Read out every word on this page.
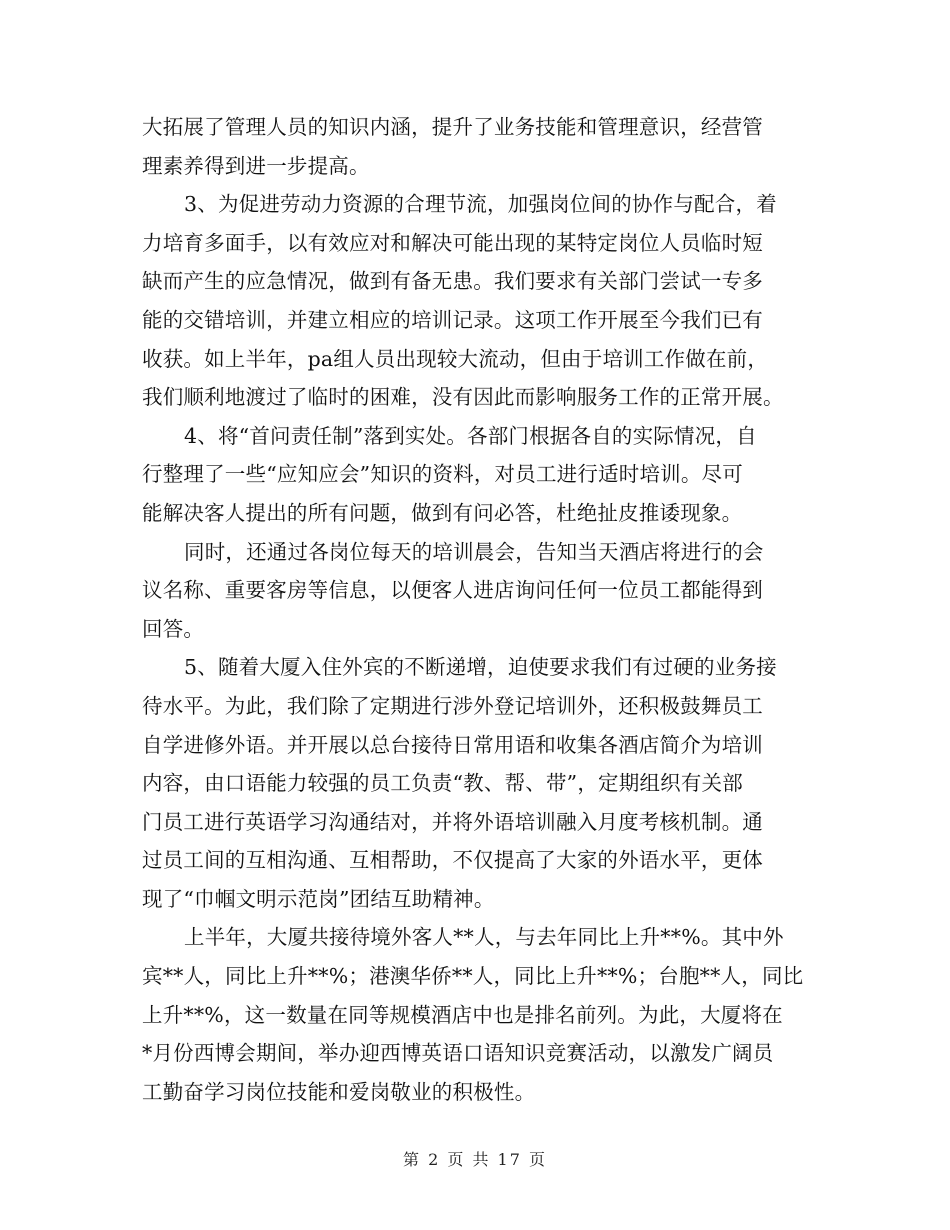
大拓展了管理人员的知识内涵，提升了业务技能和管理意识，经营管
理素养得到进一步提高。
3、为促进劳动力资源的合理节流，加强岗位间的协作与配合，着
力培育多面手，以有效应对和解决可能出现的某特定岗位人员临时短
缺而产生的应急情况，做到有备无患。我们要求有关部门尝试一专多
能的交错培训，并建立相应的培训记录。这项工作开展至今我们已有
收获。如上半年，pa组人员出现较大流动，但由于培训工作做在前，
我们顺利地渡过了临时的困难，没有因此而影响服务工作的正常开展。
4、将“首问责任制”落到实处。各部门根据各自的实际情况，自
行整理了一些“应知应会”知识的资料，对员工进行适时培训。尽可
能解决客人提出的所有问题，做到有问必答，杜绝扯皮推诿现象。
同时，还通过各岗位每天的培训晨会，告知当天酒店将进行的会
议名称、重要客房等信息，以便客人进店询问任何一位员工都能得到
回答。
5、随着大厦入住外宾的不断递增，迫使要求我们有过硬的业务接
待水平。为此，我们除了定期进行涉外登记培训外，还积极鼓舞员工
自学进修外语。并开展以总台接待日常用语和收集各酒店简介为培训
内容，由口语能力较强的员工负责“教、帮、带”，定期组织有关部
门员工进行英语学习沟通结对，并将外语培训融入月度考核机制。通
过员工间的互相沟通、互相帮助，不仅提高了大家的外语水平，更体
现了“巾帼文明示范岗”团结互助精神。
上半年，大厦共接待境外客人**人，与去年同比上升**%。其中外
宾**人，同比上升**%；港澳华侨**人，同比上升**%；台胞**人，同比
上升**%，这一数量在同等规模酒店中也是排名前列。为此，大厦将在
*月份西博会期间，举办迎西博英语口语知识竞赛活动，以激发广阔员
工勤奋学习岗位技能和爱岗敬业的积极性。
第 2 页 共 17 页
